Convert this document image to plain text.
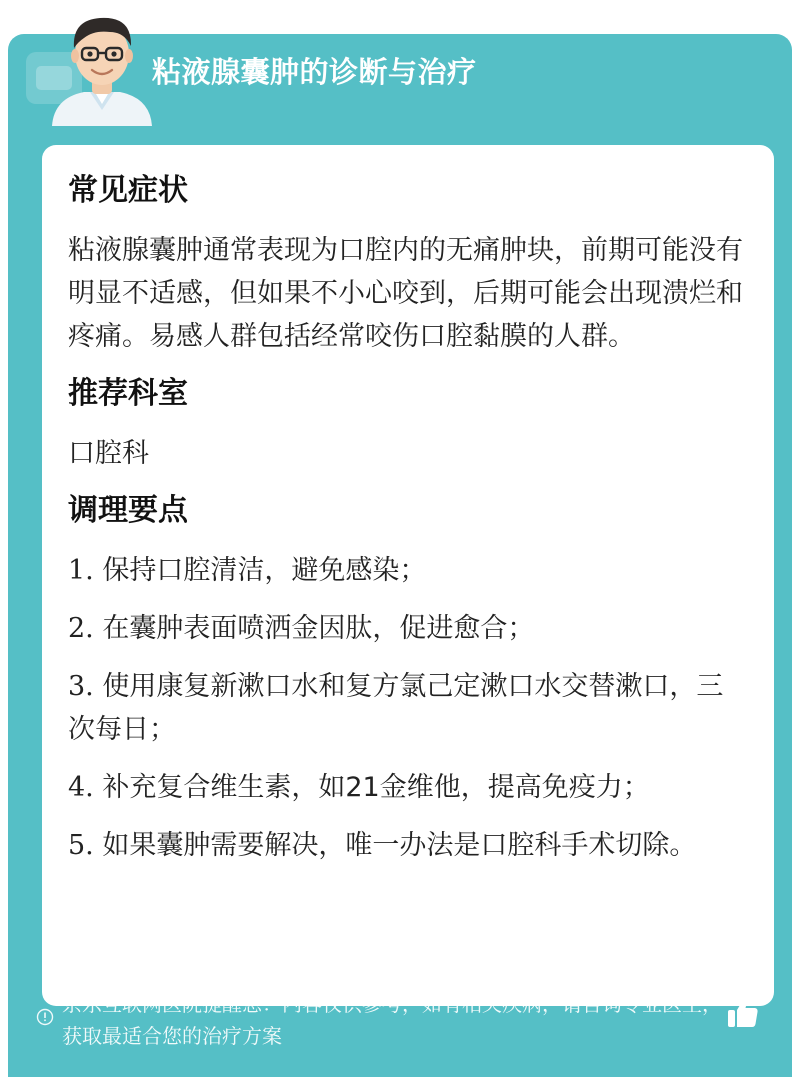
粘液腺囊肿的诊断与治疗
常见症状

粘液腺囊肿通常表现为口腔内的无痛肿块，前期可能没有明显不适感，但如果不小心咬到，后期可能会出现溃烂和疼痛。易感人群包括经常咬伤口腔黏膜的人群。

推荐科室

口腔科

调理要点

1. 保持口腔清洁，避免感染；

2. 在囊肿表面喷洒金因肽，促进愈合；

3. 使用康复新漱口水和复方氯己定漱口水交替漱口，三次每日；

4. 补充复合维生素，如21金维他，提高免疫力；

5. 如果囊肿需要解决，唯一办法是口腔科手术切除。

获取最适合您的治疗方案
